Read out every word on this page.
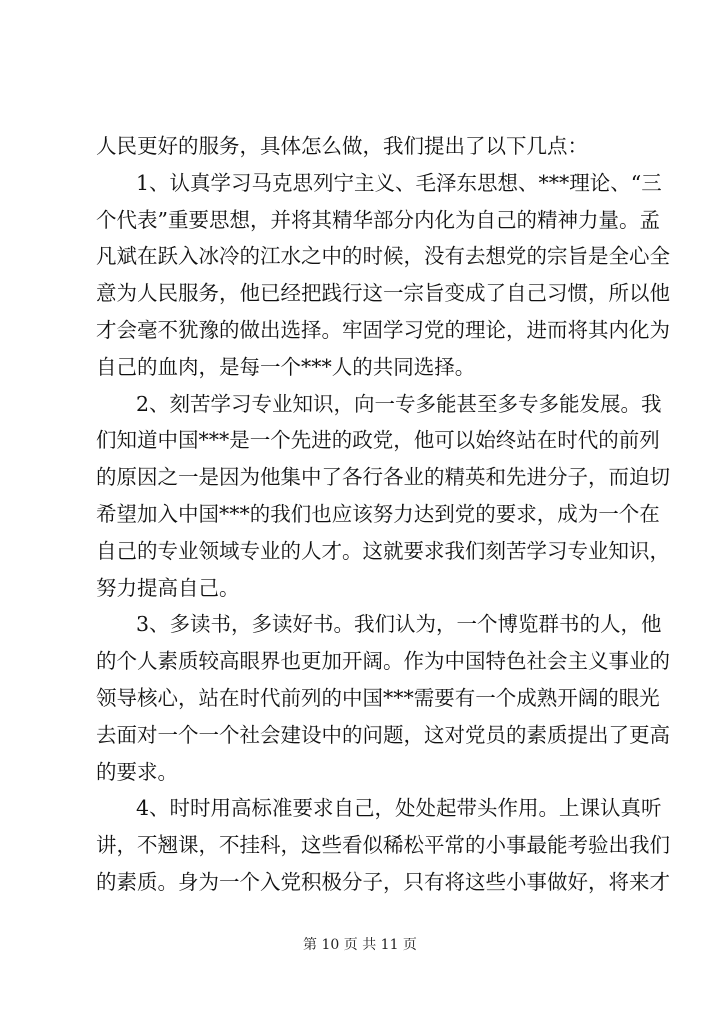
人民更好的服务，具体怎么做，我们提出了以下几点：
1、认真学习马克思列宁主义、毛泽东思想、***理论、“三
个代表”重要思想，并将其精华部分内化为自己的精神力量。孟
凡斌在跃入冰冷的江水之中的时候，没有去想党的宗旨是全心全
意为人民服务，他已经把践行这一宗旨变成了自己习惯，所以他
才会毫不犹豫的做出选择。牢固学习党的理论，进而将其内化为
自己的血肉，是每一个***人的共同选择。
2、刻苦学习专业知识，向一专多能甚至多专多能发展。我
们知道中国***是一个先进的政党，他可以始终站在时代的前列
的原因之一是因为他集中了各行各业的精英和先进分子，而迫切
希望加入中国***的我们也应该努力达到党的要求，成为一个在
自己的专业领域专业的人才。这就要求我们刻苦学习专业知识，
努力提高自己。
3、多读书，多读好书。我们认为，一个博览群书的人，他
的个人素质较高眼界也更加开阔。作为中国特色社会主义事业的
领导核心，站在时代前列的中国***需要有一个成熟开阔的眼光
去面对一个一个社会建设中的问题，这对党员的素质提出了更高
的要求。
4、时时用高标准要求自己，处处起带头作用。上课认真听
讲，不翘课，不挂科，这些看似稀松平常的小事最能考验出我们
的素质。身为一个入党积极分子，只有将这些小事做好，将来才
第 10 页 共 11 页
